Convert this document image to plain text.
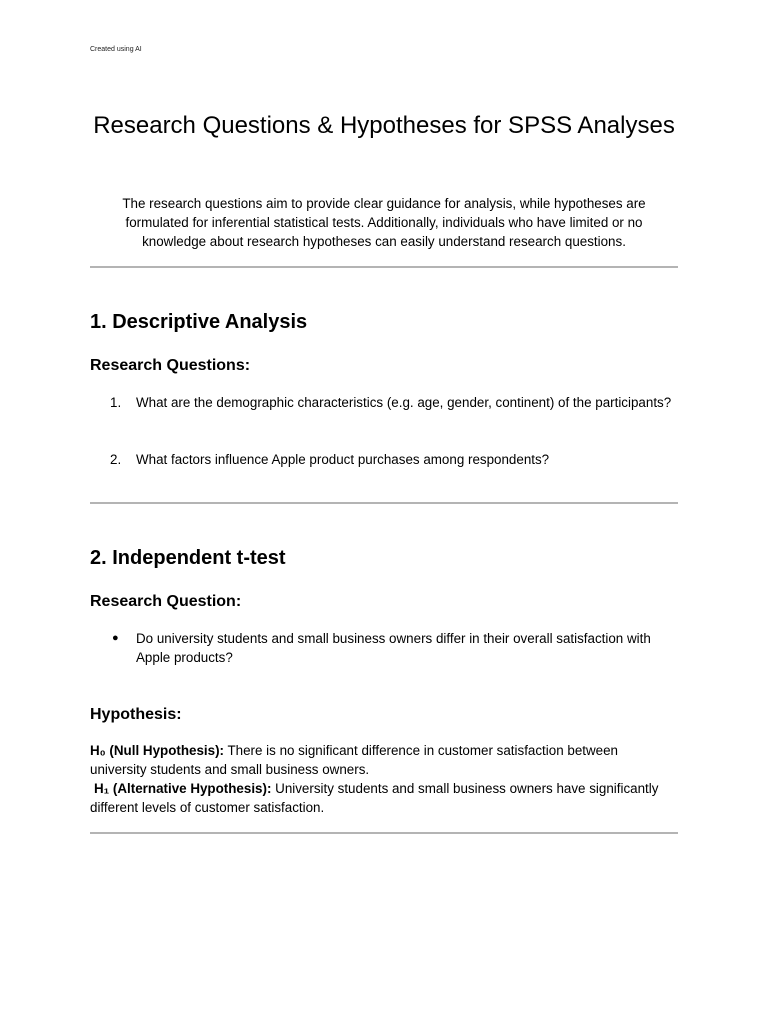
Created using AI
Research Questions & Hypotheses for SPSS Analyses

The research questions aim to provide clear guidance for analysis, while hypotheses are formulated for inferential statistical tests. Additionally, individuals who have limited or no knowledge about research hypotheses can easily understand research questions.

1. Descriptive Analysis
Research Questions:
1.	What are the demographic characteristics (e.g. age, gender, continent) of the participants?
2.	What factors influence Apple product purchases among respondents?
2. Independent t-test
Research Question:
●	Do university students and small business owners differ in their overall satisfaction with Apple products?
Hypothesis:

H₀ (Null Hypothesis): There is no significant difference in customer satisfaction between university students and small business owners.

H₁ (Alternative Hypothesis): University students and small business owners have significantly different levels of customer satisfaction.
